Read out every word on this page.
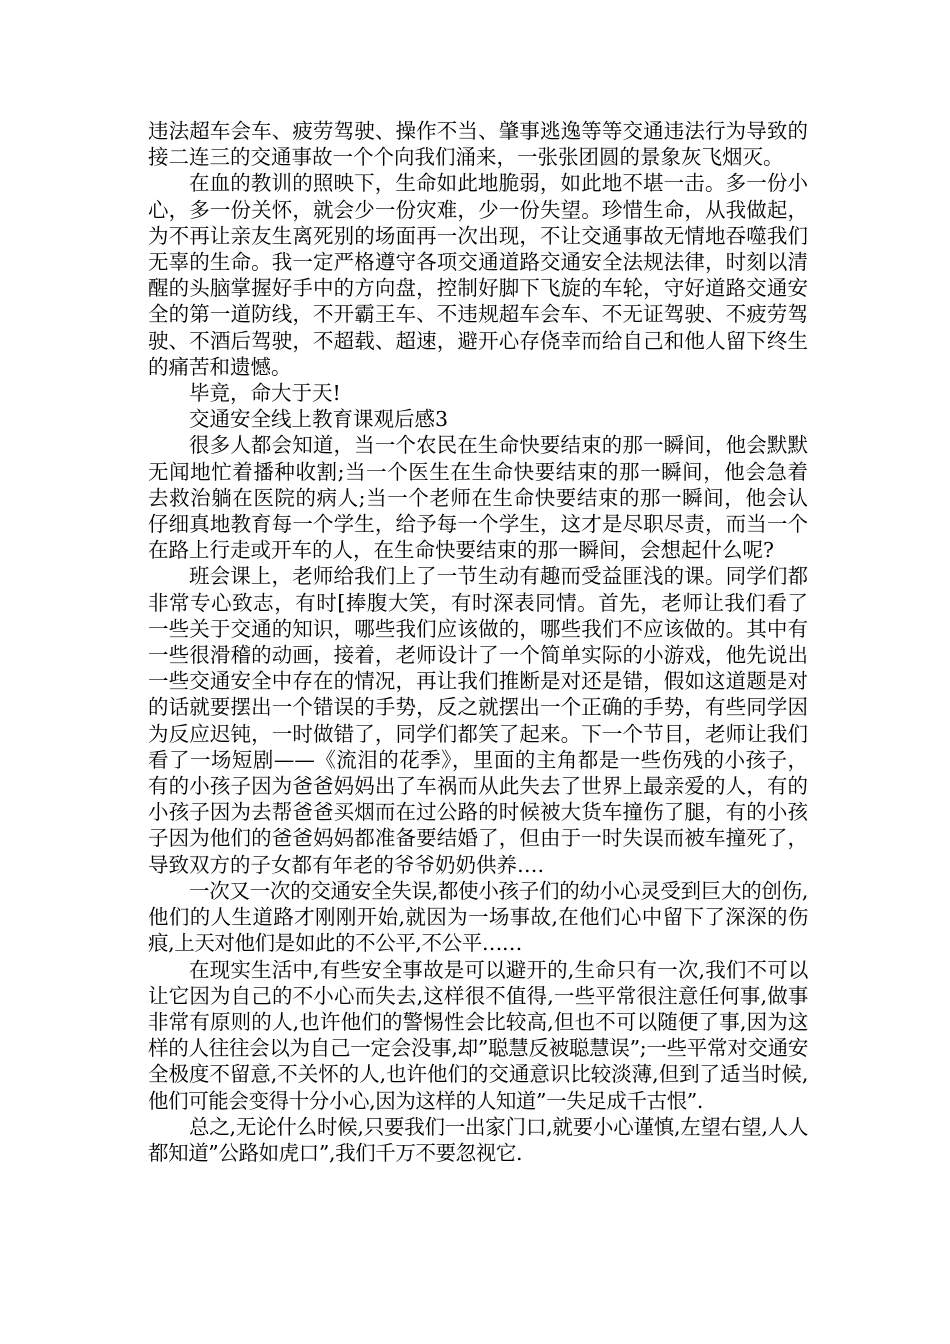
违法超车会车、疲劳驾驶、操作不当、肇事逃逸等等交通违法行为导致的接二连三的交通事故一个个向我们涌来，一张张团圆的景象灰飞烟灭。

在血的教训的照映下，生命如此地脆弱，如此地不堪一击。多一份小心，多一份关怀，就会少一份灾难，少一份失望。珍惜生命，从我做起，为不再让亲友生离死别的场面再一次出现，不让交通事故无情地吞噬我们无辜的生命。我一定严格遵守各项交通道路交通安全法规法律，时刻以清醒的头脑掌握好手中的方向盘，控制好脚下飞旋的车轮，守好道路交通安全的第一道防线，不开霸王车、不违规超车会车、不无证驾驶、不疲劳驾驶、不酒后驾驶，不超载、超速，避开心存侥幸而给自己和他人留下终生的痛苦和遗憾。

毕竟，命大于天!

交通安全线上教育课观后感3

很多人都会知道，当一个农民在生命快要结束的那一瞬间，他会默默无闻地忙着播种收割;当一个医生在生命快要结束的那一瞬间，他会急着去救治躺在医院的病人;当一个老师在生命快要结束的那一瞬间，他会认仔细真地教育每一个学生，给予每一个学生，这才是尽职尽责，而当一个在路上行走或开车的人，在生命快要结束的那一瞬间，会想起什么呢?

班会课上，老师给我们上了一节生动有趣而受益匪浅的课。同学们都非常专心致志，有时[捧腹大笑，有时深表同情。首先，老师让我们看了一些关于交通的知识，哪些我们应该做的，哪些我们不应该做的。其中有一些很滑稽的动画，接着，老师设计了一个简单实际的小游戏，他先说出一些交通安全中存在的情况，再让我们推断是对还是错，假如这道题是对的话就要摆出一个错误的手势，反之就摆出一个正确的手势，有些同学因为反应迟钝，一时做错了，同学们都笑了起来。下一个节目，老师让我们看了一场短剧——《流泪的花季》，里面的主角都是一些伤残的小孩子，有的小孩子因为爸爸妈妈出了车祸而从此失去了世界上最亲爱的人，有的小孩子因为去帮爸爸买烟而在过公路的时候被大货车撞伤了腿，有的小孩子因为他们的爸爸妈妈都准备要结婚了，但由于一时失误而被车撞死了，导致双方的子女都有年老的爷爷奶奶供养….

一次又一次的交通安全失误,都使小孩子们的幼小心灵受到巨大的创伤,他们的人生道路才刚刚开始,就因为一场事故,在他们心中留下了深深的伤痕,上天对他们是如此的不公平,不公平……

在现实生活中,有些安全事故是可以避开的,生命只有一次,我们不可以让它因为自己的不小心而失去,这样很不值得,一些平常很注意任何事,做事非常有原则的人,也许他们的警惕性会比较高,但也不可以随便了事,因为这样的人往往会以为自己一定会没事,却”聪慧反被聪慧误”;一些平常对交通安全极度不留意,不关怀的人,也许他们的交通意识比较淡薄,但到了适当时候,他们可能会变得十分小心,因为这样的人知道”一失足成千古恨”.

总之,无论什么时候,只要我们一出家门口,就要小心谨慎,左望右望,人人都知道”公路如虎口”,我们千万不要忽视它.
